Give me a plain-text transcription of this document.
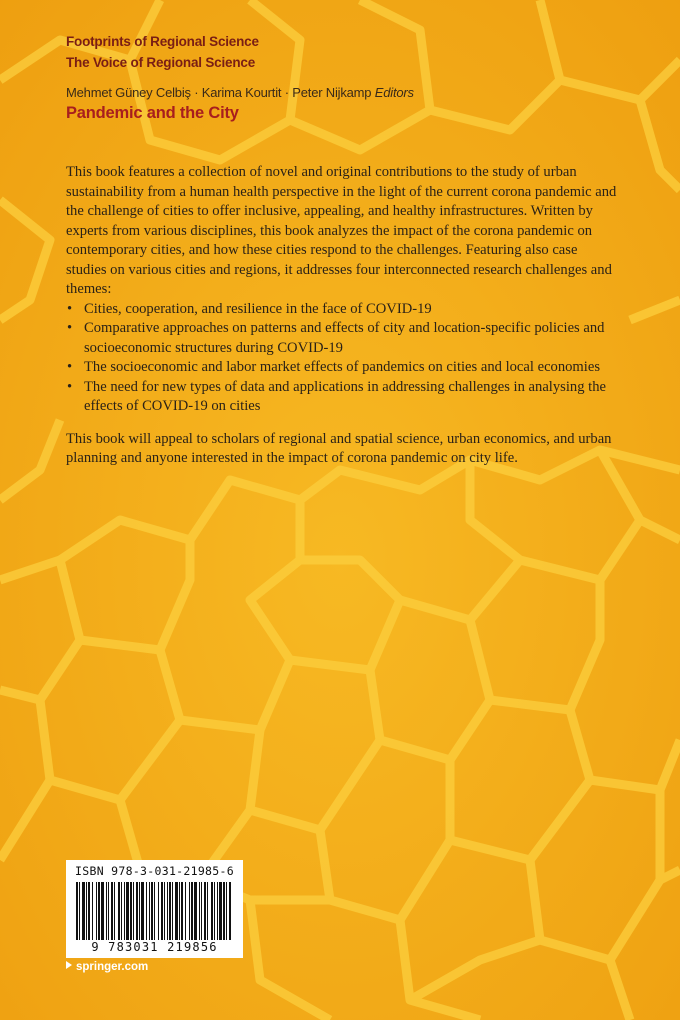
Footprints of Regional Science
The Voice of Regional Science
Mehmet Güney Celbiş · Karima Kourtit · Peter Nijkamp Editors
Pandemic and the City

This book features a collection of novel and original contributions to the study of urban sustainability from a human health perspective in the light of the current corona pandemic and the challenge of cities to offer inclusive, appealing, and healthy infrastructures. Written by experts from various disciplines, this book analyzes the impact of the corona pandemic on contemporary cities, and how these cities respond to the challenges. Featuring also case studies on various cities and regions, it addresses four interconnected research challenges and themes:

• Cities, cooperation, and resilience in the face of COVID-19
• Comparative approaches on patterns and effects of city and location-specific policies and socioeconomic structures during COVID-19
• The socioeconomic and labor market effects of pandemics on cities and local economies
• The need for new types of data and applications in addressing challenges in analysing the effects of COVID-19 on cities

This book will appeal to scholars of regional and spatial science, urban economics, and urban planning and anyone interested in the impact of corona pandemic on city life.

ISBN 978-3-031-21985-6
9 783031 219856
springer.com
